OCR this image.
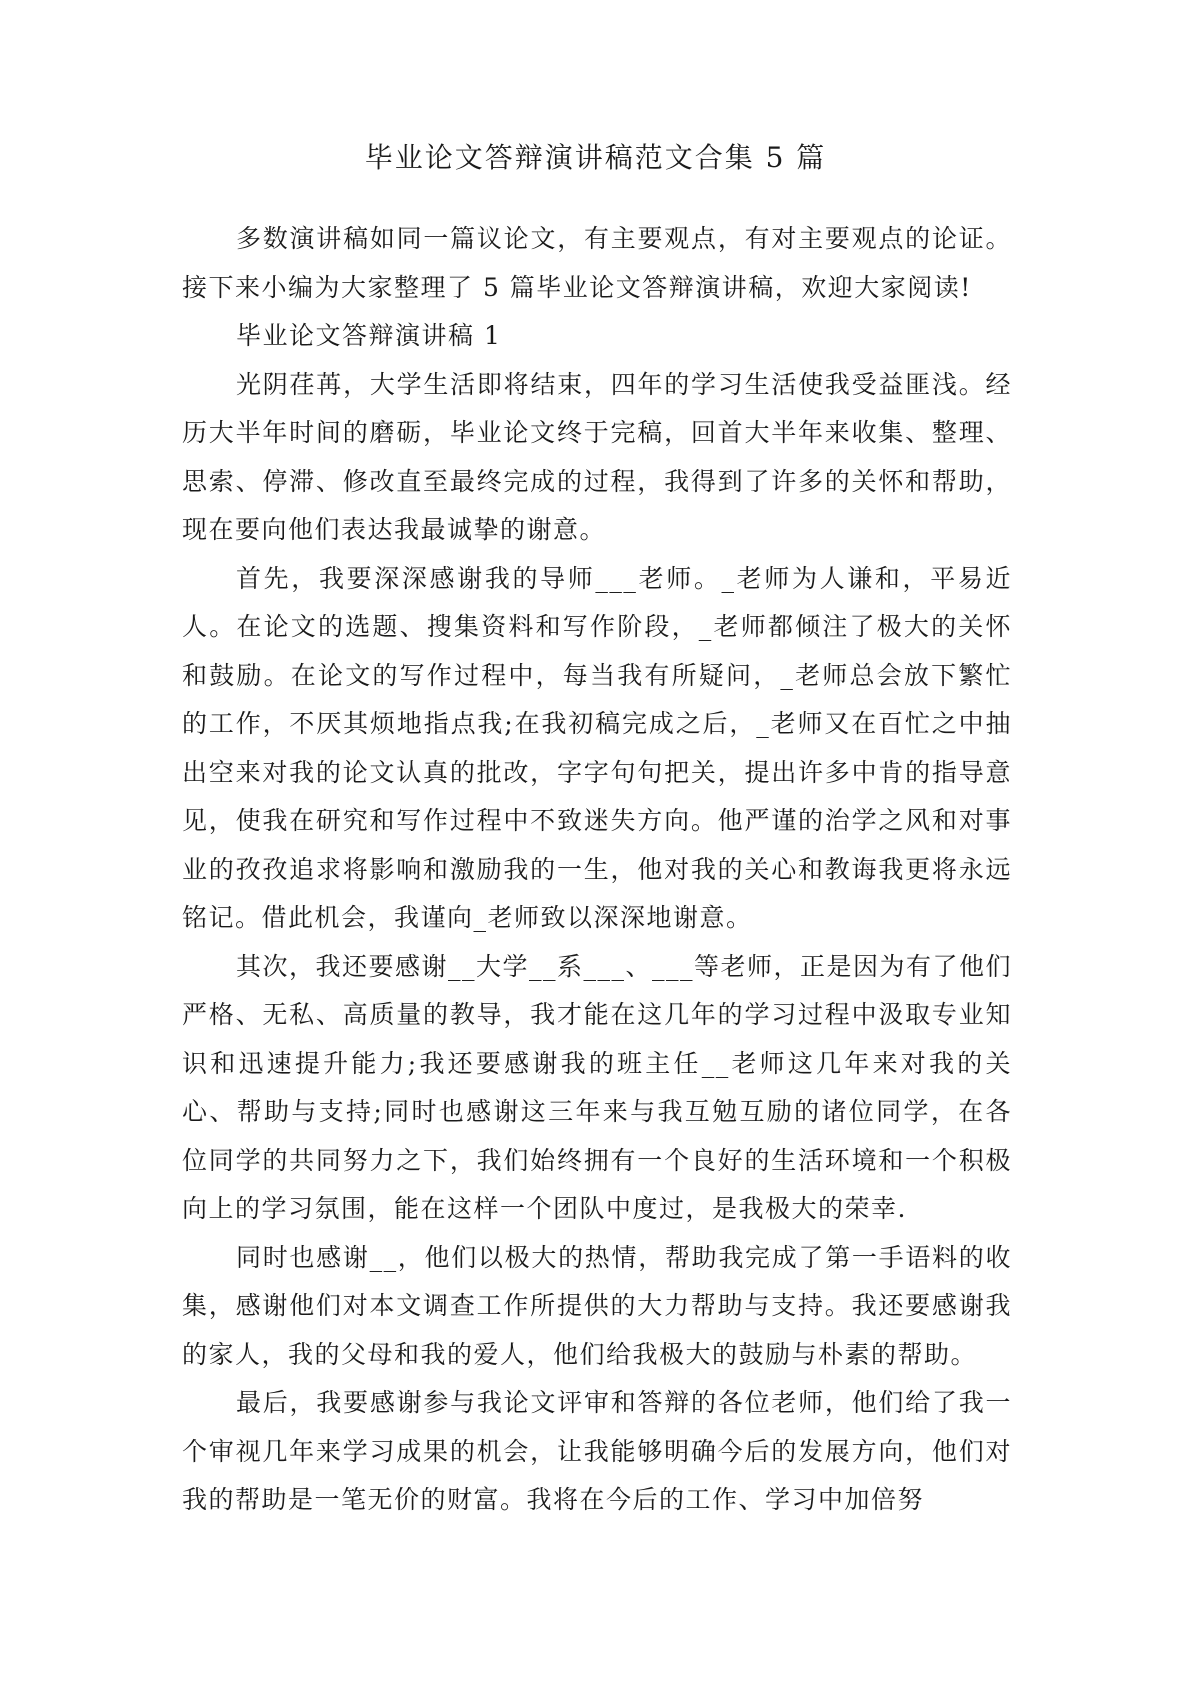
毕业论文答辩演讲稿范文合集 5 篇

多数演讲稿如同一篇议论文，有主要观点，有对主要观点的论证。接下来小编为大家整理了 5 篇毕业论文答辩演讲稿，欢迎大家阅读!

毕业论文答辩演讲稿 1

光阴荏苒，大学生活即将结束，四年的学习生活使我受益匪浅。经历大半年时间的磨砺，毕业论文终于完稿，回首大半年来收集、整理、思索、停滞、修改直至最终完成的过程，我得到了许多的关怀和帮助，现在要向他们表达我最诚挚的谢意。

首先，我要深深感谢我的导师___老师。_老师为人谦和，平易近人。在论文的选题、搜集资料和写作阶段，_老师都倾注了极大的关怀和鼓励。在论文的写作过程中，每当我有所疑问，_老师总会放下繁忙的工作，不厌其烦地指点我;在我初稿完成之后，_老师又在百忙之中抽出空来对我的论文认真的批改，字字句句把关，提出许多中肯的指导意见，使我在研究和写作过程中不致迷失方向。他严谨的治学之风和对事业的孜孜追求将影响和激励我的一生，他对我的关心和教诲我更将永远铭记。借此机会，我谨向_老师致以深深地谢意。

其次，我还要感谢__大学__系___、___等老师，正是因为有了他们严格、无私、高质量的教导，我才能在这几年的学习过程中汲取专业知识和迅速提升能力;我还要感谢我的班主任__老师这几年来对我的关心、帮助与支持;同时也感谢这三年来与我互勉互励的诸位同学，在各位同学的共同努力之下，我们始终拥有一个良好的生活环境和一个积极向上的学习氛围，能在这样一个团队中度过，是我极大的荣幸.

同时也感谢__，他们以极大的热情，帮助我完成了第一手语料的收集，感谢他们对本文调查工作所提供的大力帮助与支持。我还要感谢我的家人，我的父母和我的爱人，他们给我极大的鼓励与朴素的帮助。

最后，我要感谢参与我论文评审和答辩的各位老师，他们给了我一个审视几年来学习成果的机会，让我能够明确今后的发展方向，他们对我的帮助是一笔无价的财富。我将在今后的工作、学习中加倍努
